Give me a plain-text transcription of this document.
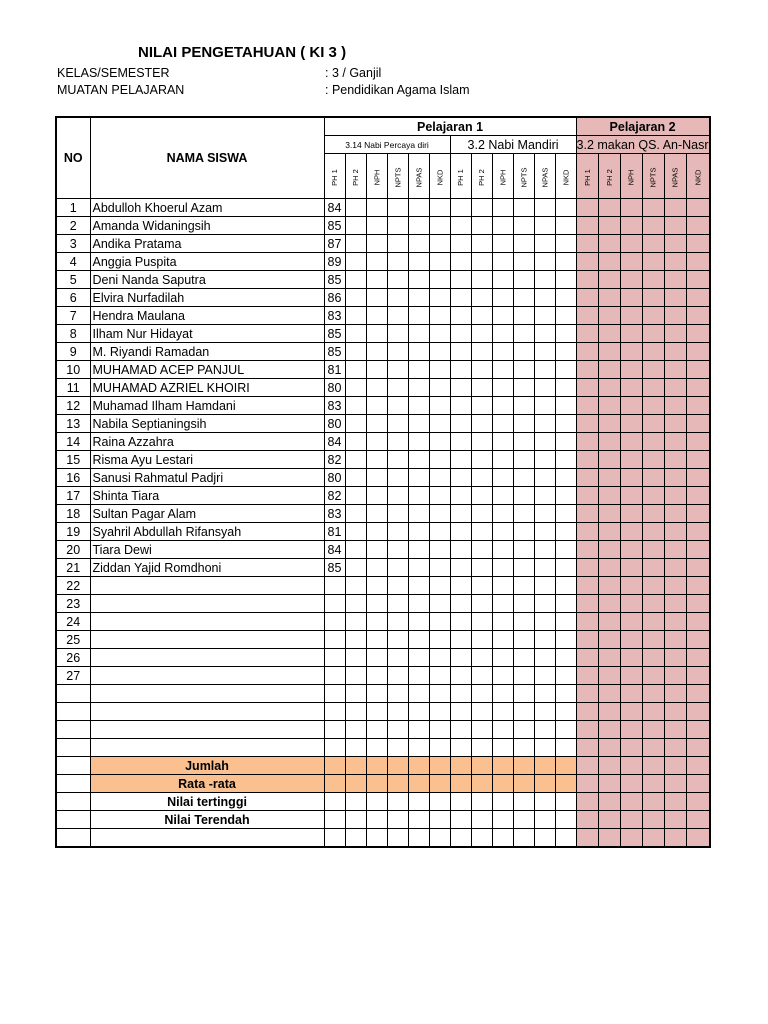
NILAI PENGETAHUAN ( KI 3 )
KELAS/SEMESTER	: 3 / Ganjil
MUATAN PELAJARAN	: Pendidikan Agama Islam
NO	NAMA SISWA	Pelajaran 1												Pelajaran 2					
		3.14 Nabi Percaya diri						3.2 Nabi Mandiri						3.2 makan QS. An-Nasr					
		PH 1	PH 2	NPH	NPTS	NPAS	NKD	PH 1	PH 2	NPH	NPTS	NPAS	NKD	PH 1	PH 2	NPH	NPTS	NPAS	NKD
1	Abdulloh Khoerul Azam	84																	
2	Amanda Widaningsih	85																	
3	Andika Pratama	87																	
4	Anggia Puspita	89																	
5	Deni Nanda Saputra	85																	
6	Elvira Nurfadilah	86																	
7	Hendra Maulana	83																	
8	Ilham Nur Hidayat	85																	
9	M. Riyandi Ramadan	85																	
10	MUHAMAD ACEP PANJUL	81																	
11	MUHAMAD AZRIEL KHOIRI	80																	
12	Muhamad Ilham Hamdani	83																	
13	Nabila Septianingsih	80																	
14	Raina Azzahra	84																	
15	Risma Ayu Lestari	82																	
16	Sanusi Rahmatul Padjri	80																	
17	Shinta Tiara	82																	
18	Sultan Pagar Alam	83																	
19	Syahril Abdullah Rifansyah	81																	
20	Tiara Dewi	84																	
21	Ziddan Yajid Romdhoni	85																	
22																			
23																			
24																			
25																			
26																			
27																			

	Jumlah																		
	Rata -rata																		
	Nilai tertinggi																		
	Nilai Terendah																		
